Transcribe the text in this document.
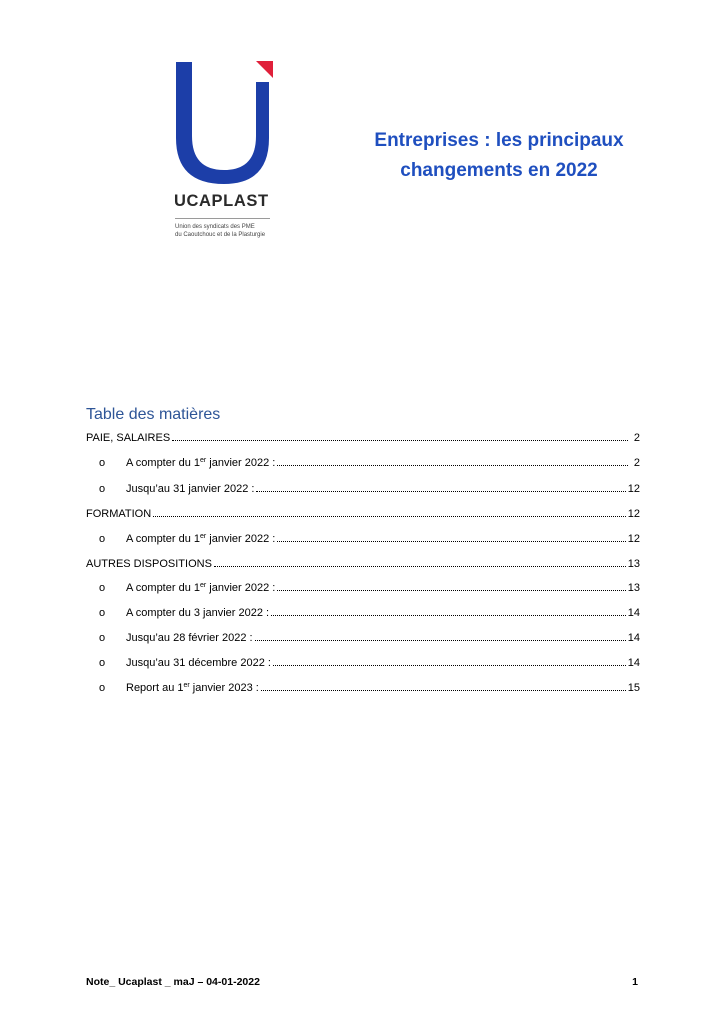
UCAPLAST
Union des syndicats des PME
du Caoutchouc et de la Plasturgie
Entreprises : les principaux
changements en 2022
Table des matières
PAIE, SALAIRES	2
o	A compter du 1er janvier 2022 :	2
o	Jusqu’au 31 janvier 2022 :	12
FORMATION	12
o	A compter du 1er janvier 2022 :	12
AUTRES DISPOSITIONS	13
o	A compter du 1er janvier 2022 :	13
o	A compter du 3 janvier 2022 :	14
o	Jusqu’au 28 février 2022 :	14
o	Jusqu’au 31 décembre 2022 :	14
o	Report au 1er janvier 2023 :	15
Note_ Ucaplast _ maJ – 04-01-2022	1
